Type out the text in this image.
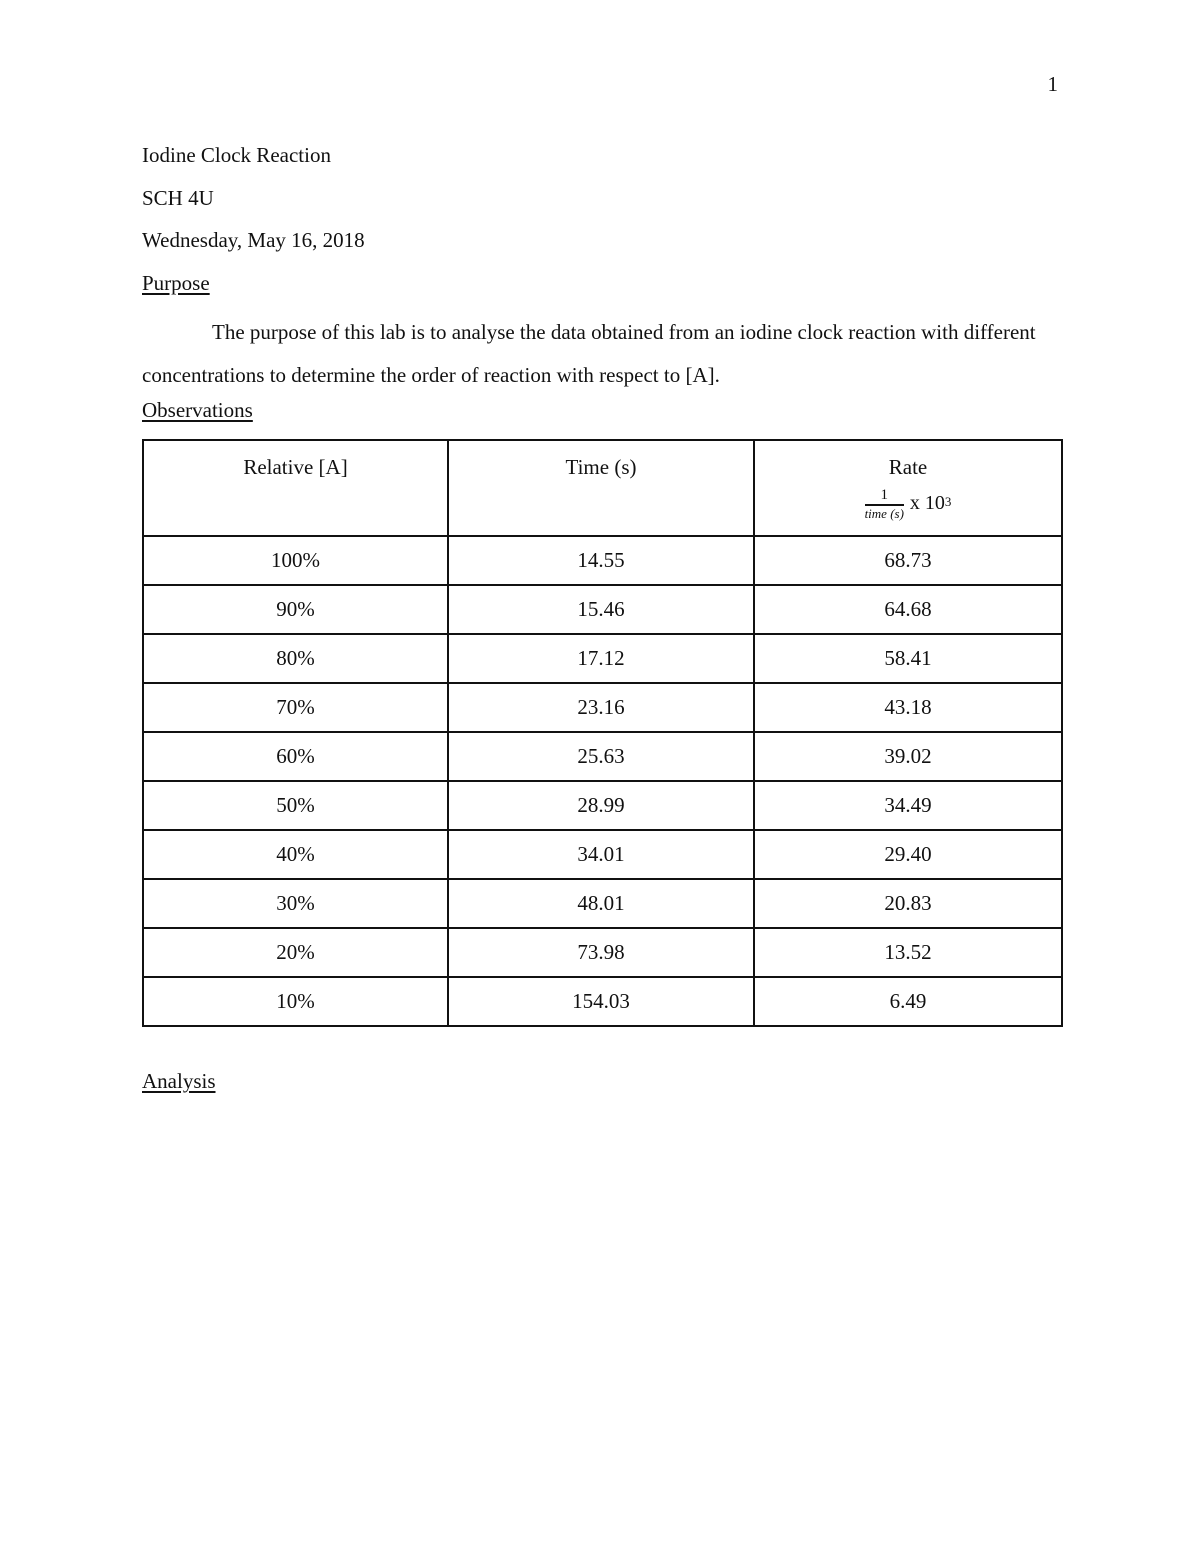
1
Iodine Clock Reaction
SCH 4U
Wednesday, May 16, 2018
Purpose
The purpose of this lab is to analyse the data obtained from an iodine clock reaction with different concentrations to determine the order of reaction with respect to [A].
Observations
Relative [A]	Time (s)	Rate
$\frac{1}{\text{time (s)}}$ x 10 3

100%	14.55	68.73
90%	15.46	64.68
80%	17.12	58.41
70%	23.16	43.18
60%	25.63	39.02
50%	28.99	34.49
40%	34.01	29.40
30%	48.01	20.83
20%	73.98	13.52
10%	154.03	6.49
Analysis
